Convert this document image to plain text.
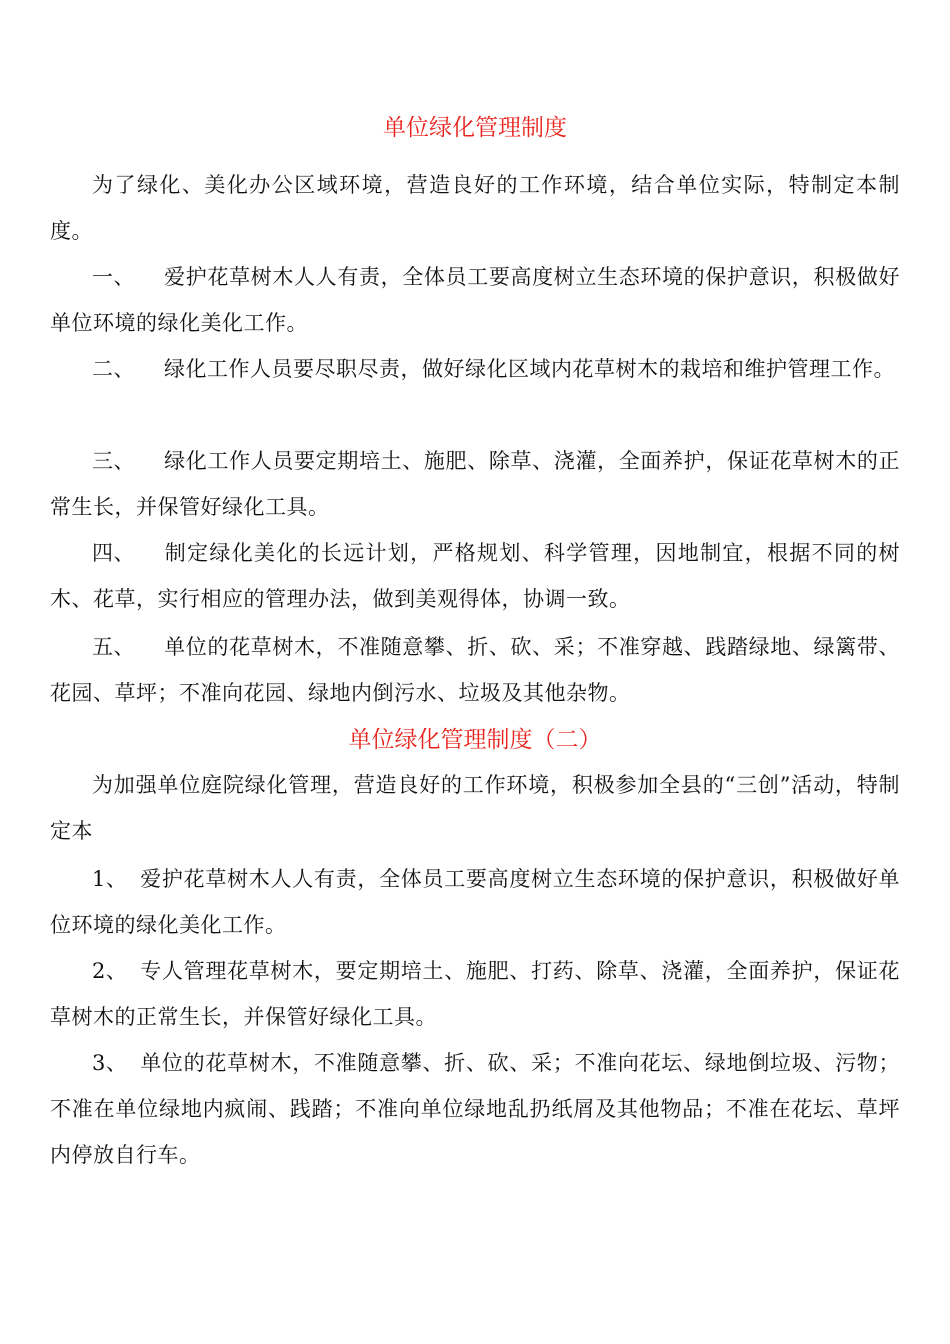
单位绿化管理制度

为了绿化、美化办公区域环境，营造良好的工作环境，结合单位实际，特制定本制度。

一、 爱护花草树木人人有责，全体员工要高度树立生态环境的保护意识，积极做好单位环境的绿化美化工作。

二、 绿化工作人员要尽职尽责，做好绿化区域内花草树木的栽培和维护管理工作。

三、 绿化工作人员要定期培土、施肥、除草、浇灌，全面养护，保证花草树木的正常生长，并保管好绿化工具。

四、 制定绿化美化的长远计划，严格规划、科学管理，因地制宜，根据不同的树木、花草，实行相应的管理办法，做到美观得体，协调一致。

五、 单位的花草树木，不准随意攀、折、砍、采；不准穿越、践踏绿地、绿篱带、花园、草坪；不准向花园、绿地内倒污水、垃圾及其他杂物。

单位绿化管理制度（二）

为加强单位庭院绿化管理，营造良好的工作环境，积极参加全县的“三创”活动，特制定本

1、 爱护花草树木人人有责，全体员工要高度树立生态环境的保护意识，积极做好单位环境的绿化美化工作。

2、 专人管理花草树木，要定期培土、施肥、打药、除草、浇灌，全面养护，保证花草树木的正常生长，并保管好绿化工具。

3、 单位的花草树木，不准随意攀、折、砍、采；不准向花坛、绿地倒垃圾、污物；不准在单位绿地内疯闹、践踏；不准向单位绿地乱扔纸屑及其他物品；不准在花坛、草坪内停放自行车。
